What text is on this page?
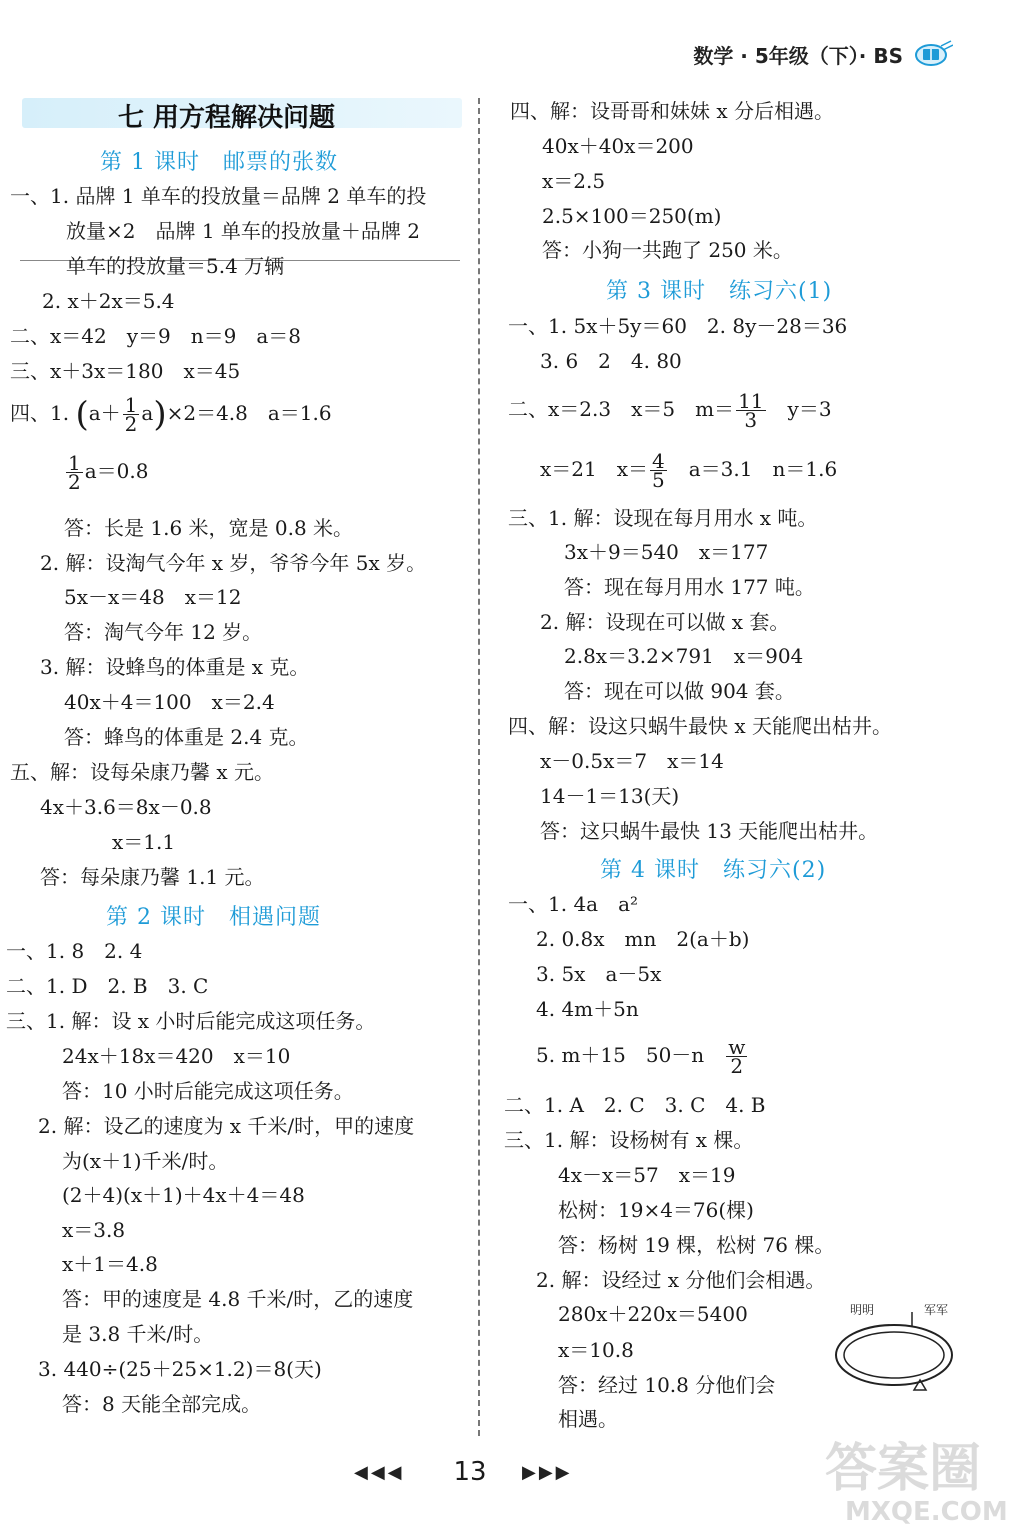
数学 · 5年级（下）· BS
七 用方程解决问题
第 1 课时　邮票的张数
一、1. 品牌 1 单车的投放量＝品牌 2 单车的投
放量×2　品牌 1 单车的投放量＋品牌 2
单车的投放量＝5.4 万辆
2. x＋2x＝5.4
二、x＝42　y＝9　n＝9　a＝8
三、x＋3x＝180　x＝45
四、1. $(a+ \frac{1}{2} a)\times 2=4.8$　a＝1.6
$\frac{1}{2} a=0.8$
答：长是 1.6 米，宽是 0.8 米。
2. 解：设淘气今年 x 岁，爷爷今年 5x 岁。
5x－x＝48　x＝12
答：淘气今年 12 岁。
3. 解：设蜂鸟的体重是 x 克。
40x＋4＝100　x＝2.4
答：蜂鸟的体重是 2.4 克。
五、解：设每朵康乃馨 x 元。
4x＋3.6＝8x－0.8
x＝1.1
答：每朵康乃馨 1.1 元。
第 2 课时　相遇问题
一、1. 8　2. 4
二、1. D　2. B　3. C
三、1. 解：设 x 小时后能完成这项任务。
24x＋18x＝420　x＝10
答：10 小时后能完成这项任务。
2. 解：设乙的速度为 x 千米/时，甲的速度
为(x＋1)千米/时。
(2＋4)(x＋1)＋4x＋4＝48
x＝3.8
x＋1＝4.8
答：甲的速度是 4.8 千米/时，乙的速度
是 3.8 千米/时。
3. 440÷(25＋25×1.2)＝8(天)
答：8 天能全部完成。
四、解：设哥哥和妹妹 x 分后相遇。
40x＋40x＝200
x＝2.5
2.5×100＝250(m)
答：小狗一共跑了 250 米。
第 3 课时　练习六(1)
一、1. 5x＋5y＝60　2. 8y－28＝36
3. 6　2　4. 80
二、x＝2.3　x＝5　$m= \frac{11}{3}$ 　y＝3
x＝21　$x= \frac{4}{5}$ 　a＝3.1　n＝1.6
三、1. 解：设现在每月用水 x 吨。
3x＋9＝540　x＝177
答：现在每月用水 177 吨。
2. 解：设现在可以做 x 套。
2.8x＝3.2×791　x＝904
答：现在可以做 904 套。
四、解：设这只蜗牛最快 x 天能爬出枯井。
x－0.5x＝7　x＝14
14－1＝13(天)
答：这只蜗牛最快 13 天能爬出枯井。
第 4 课时　练习六(2)
一、1. 4a　a²
2. 0.8x　mn　2(a＋b)
3. 5x　a－5x
4. 4m＋5n
5. m＋15　50－n　 $\frac{w}{2}$
二、1. A　2. C　3. C　4. B
三、1. 解：设杨树有 x 棵。
4x－x＝57　x＝19
松树：19×4＝76(棵)
答：杨树 19 棵，松树 76 棵。
2. 解：设经过 x 分他们会相遇。
280x＋220x＝5400
x＝10.8
答：经过 10.8 分他们会
相遇。
明明	军军
◀◀◀	13	▶▶▶	答案圈
MXQE.COM
